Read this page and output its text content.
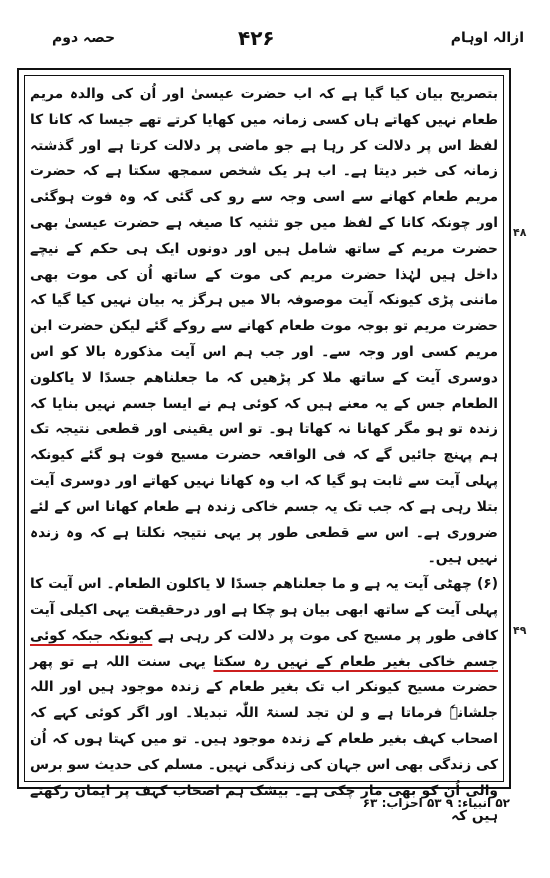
حصہ دوم	۴۲۶	ازالہ اوہام

بتصریح بیان کیا گیا ہے کہ اب حضرت عیسیٰ اور اُن کی والدہ مریم طعام نہیں کھاتے ہاں کسی زمانہ میں کھایا کرتے تھے جیسا کہ کانا کا لفظ اس پر دلالت کر رہا ہے جو ماضی پر دلالت کرتا ہے اور گذشتہ زمانہ کی خبر دیتا ہے۔ اب ہر یک شخص سمجھ سکتا ہے کہ حضرت مریم طعام کھانے سے اسی وجہ سے رو کی گئی کہ وہ فوت ہوگئی اور چونکہ کانا کے لفظ میں جو تثنیہ کا صیغہ ہے حضرت عیسیٰ بھی حضرت مریم کے ساتھ شامل ہیں اور دونوں ایک ہی حکم کے نیچے داخل ہیں لہٰذا حضرت مریم کی موت کے ساتھ اُن کی موت بھی ماننی پڑی کیونکہ آیت موصوفہ بالا میں ہرگز یہ بیان نہیں کیا گیا کہ حضرت مریم تو بوجہ موت طعام کھانے سے روکے گئے لیکن حضرت ابن مریم کسی اور وجہ سے۔ اور جب ہم اس آیت مذکورہ بالا کو اس دوسری آیت کے ساتھ ملا کر پڑھیں کہ ما جعلناھم جسدًا لا یاکلون الطعام جس کے یہ معنے ہیں کہ کوئی ہم نے ایسا جسم نہیں بنایا کہ زندہ تو ہو مگر کھانا نہ کھاتا ہو۔ تو اس یقینی اور قطعی نتیجہ تک ہم پہنچ جائیں گے کہ فی الواقعہ حضرت مسیح فوت ہو گئے کیونکہ پہلی آیت سے ثابت ہو گیا کہ اب وہ کھانا نہیں کھاتے اور دوسری آیت بتلا رہی ہے کہ جب تک یہ جسم خاکی زندہ ہے طعام کھانا اس کے لئے ضروری ہے۔ اس سے قطعی طور پر یہی نتیجہ نکلتا ہے کہ وہ زندہ نہیں ہیں۔

(۶) چھٹی آیت یہ ہے و ما جعلناھم جسدًا لا یاکلون الطعام۔ اس آیت کا پہلی آیت کے ساتھ ابھی بیان ہو چکا ہے اور درحقیقت یہی اکیلی آیت کافی طور پر مسیح کی موت پر دلالت کر رہی ہے کیونکہ جبکہ کوئی جسم خاکی بغیر طعام کے نہیں رہ سکتا یہی سنت اللہ ہے تو پھر حضرت مسیح کیونکر اب تک بغیر طعام کے زندہ موجود ہیں اور اللہ جلشانہٗ فرماتا ہے و لن تجد لسنۃ اللّٰہ تبدیلا۔ اور اگر کوئی کہے کہ اصحاب کہف بغیر طعام کے زندہ موجود ہیں۔ تو میں کہتا ہوں کہ اُن کی زندگی بھی اس جہان کی زندگی نہیں۔ مسلم کی حدیث سو برس والی اُن کو بھی مار چکی ہے۔ بیشک ہم اصحاب کہف پر ایمان رکھتے ہیں کہ

۴۸
۴۹
۵۲ انبیاء: ۹ ۵۳ احزاب: ۶۳
